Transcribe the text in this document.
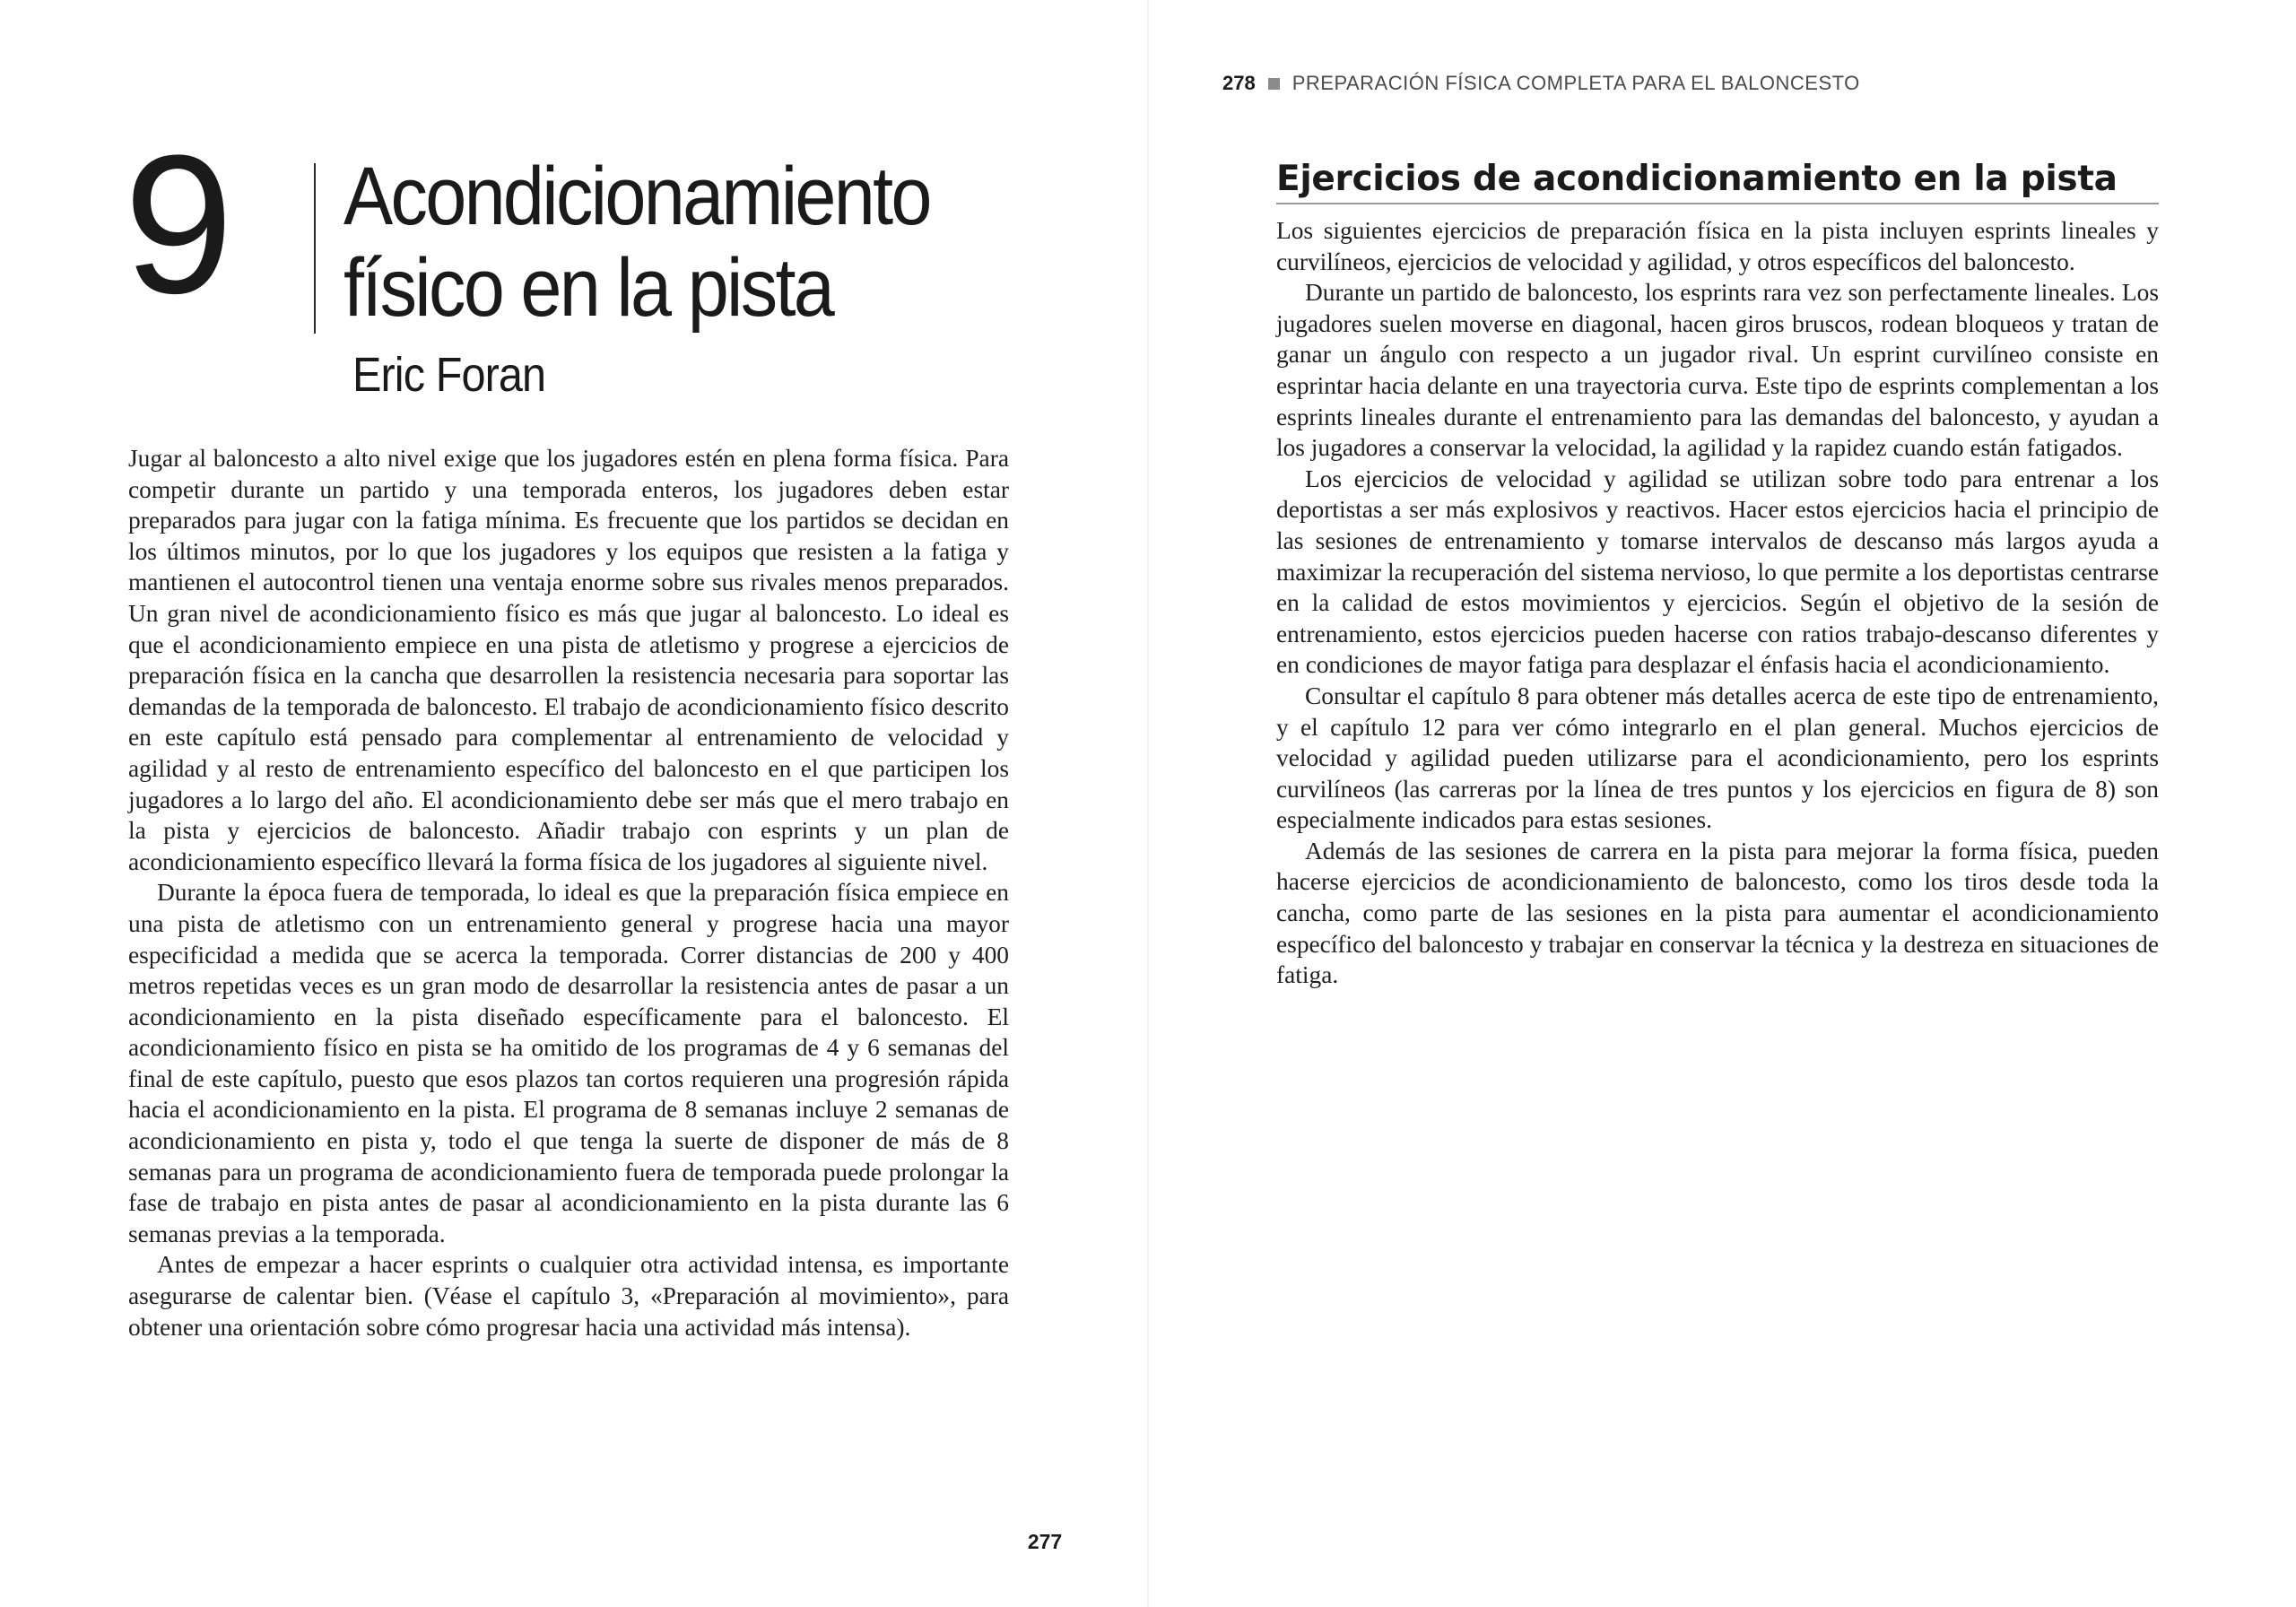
9 Acondicionamiento
físico en la pista
Eric Foran

Jugar al baloncesto a alto nivel exige que los jugadores estén en plena forma física. Para competir durante un partido y una temporada enteros, los jugadores deben estar preparados para jugar con la fatiga mínima. Es frecuente que los partidos se decidan en los últimos minutos, por lo que los jugadores y los equipos que resisten a la fatiga y mantienen el autocontrol tienen una ventaja enorme sobre sus rivales menos preparados. Un gran nivel de acondicionamiento físico es más que jugar al baloncesto. Lo ideal es que el acondicionamiento empiece en una pista de atletismo y progrese a ejercicios de preparación física en la cancha que desarrollen la resistencia necesaria para soportar las demandas de la temporada de baloncesto. El trabajo de acondicionamiento físico descrito en este capítulo está pensado para complementar al entrenamiento de velocidad y agilidad y al resto de entrenamiento específico del baloncesto en el que participen los jugadores a lo largo del año. El acondicionamiento debe ser más que el mero trabajo en la pista y ejercicios de baloncesto. Añadir trabajo con esprints y un plan de acondicionamiento específico llevará la forma física de los jugadores al siguiente nivel.

Durante la época fuera de temporada, lo ideal es que la preparación física empiece en una pista de atletismo con un entrenamiento general y progrese hacia una mayor especificidad a medida que se acerca la temporada. Correr distancias de 200 y 400 metros repetidas veces es un gran modo de desarrollar la resistencia antes de pasar a un acondicionamiento en la pista diseñado específicamente para el baloncesto. El acondicionamiento físico en pista se ha omitido de los programas de 4 y 6 semanas del final de este capítulo, puesto que esos plazos tan cortos requieren una progresión rápida hacia el acondicionamiento en la pista. El programa de 8 semanas incluye 2 semanas de acondicionamiento en pista y, todo el que tenga la suerte de disponer de más de 8 semanas para un programa de acondicionamiento fuera de temporada puede prolongar la fase de trabajo en pista antes de pasar al acondicionamiento en la pista durante las 6 semanas previas a la temporada.

Antes de empezar a hacer esprints o cualquier otra actividad intensa, es importante asegurarse de calentar bien. (Véase el capítulo 3, «Preparación al movimiento», para obtener una orientación sobre cómo progresar hacia una actividad más intensa).

277
278 PREPARACIÓN FÍSICA COMPLETA PARA EL BALONCESTO
Ejercicios de acondicionamiento en la pista

Los siguientes ejercicios de preparación física en la pista incluyen esprints lineales y curvilíneos, ejercicios de velocidad y agilidad, y otros específicos del baloncesto.

Durante un partido de baloncesto, los esprints rara vez son perfectamente lineales. Los jugadores suelen moverse en diagonal, hacen giros bruscos, rodean bloqueos y tratan de ganar un ángulo con respecto a un jugador rival. Un esprint curvilíneo consiste en esprintar hacia delante en una trayectoria curva. Este tipo de esprints complementan a los esprints lineales durante el entrenamiento para las demandas del baloncesto, y ayudan a los jugadores a conservar la velocidad, la agilidad y la rapidez cuando están fatigados.

Los ejercicios de velocidad y agilidad se utilizan sobre todo para entrenar a los deportistas a ser más explosivos y reactivos. Hacer estos ejercicios hacia el principio de las sesiones de entrenamiento y tomarse intervalos de descanso más largos ayuda a maximizar la recuperación del sistema nervioso, lo que permite a los deportistas centrarse en la calidad de estos movimientos y ejercicios. Según el objetivo de la sesión de entrenamiento, estos ejercicios pueden hacerse con ratios trabajo-descanso diferentes y en condiciones de mayor fatiga para desplazar el énfasis hacia el acondicionamiento.

Consultar el capítulo 8 para obtener más detalles acerca de este tipo de entrenamiento, y el capítulo 12 para ver cómo integrarlo en el plan general. Muchos ejercicios de velocidad y agilidad pueden utilizarse para el acondicionamiento, pero los esprints curvilíneos (las carreras por la línea de tres puntos y los ejercicios en figura de 8) son especialmente indicados para estas sesiones.

Además de las sesiones de carrera en la pista para mejorar la forma física, pueden hacerse ejercicios de acondicionamiento de baloncesto, como los tiros desde toda la cancha, como parte de las sesiones en la pista para aumentar el acondicionamiento específico del baloncesto y trabajar en conservar la técnica y la destreza en situaciones de fatiga.
